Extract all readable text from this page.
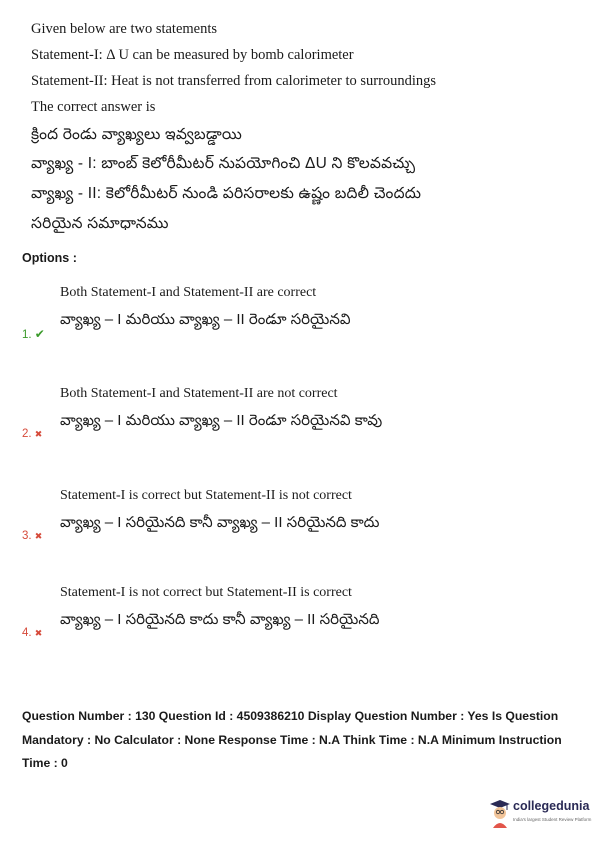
Given below are two statements
Statement-I: Δ U can be measured by bomb calorimeter
Statement-II: Heat is not transferred from calorimeter to surroundings
The correct answer is
క్రింద రెండు వ్యాఖ్యలు ఇవ్వబడ్డాయి
వ్యాఖ్య - I: బాంబ్ కెలోరీమీటర్ నుపయోగించి ΔU ని కొలవవచ్చు
వ్యాఖ్య - II: కెలోరీమీటర్ నుండి పరిసరాలకు ఉష్ణం బదిలీ చెందదు
సరియైన సమాధానము
Options :
Both Statement-I and Statement-II are correct
వ్యాఖ్య – I మరియు వ్యాఖ్య – II రెండూ సరియైనవి
1. ✔
Both Statement-I and Statement-II are not correct
వ్యాఖ్య – I మరియు వ్యాఖ్య – II రెండూ సరియైనవి కావు
2. ✖
Statement-I is correct but Statement-II is not correct
వ్యాఖ్య – I సరియైనది కానీ వ్యాఖ్య – II సరియైనది కాదు
3. ✖
Statement-I is not correct but Statement-II is correct
వ్యాఖ్య – I సరియైనది కాదు కానీ వ్యాఖ్య – II సరియైనది
4. ✖
Question Number : 130 Question Id : 4509386210 Display Question Number : Yes Is Question Mandatory : No Calculator : None Response Time : N.A Think Time : N.A Minimum Instruction Time : 0
collegedunia
India's largest Student Review Platform
